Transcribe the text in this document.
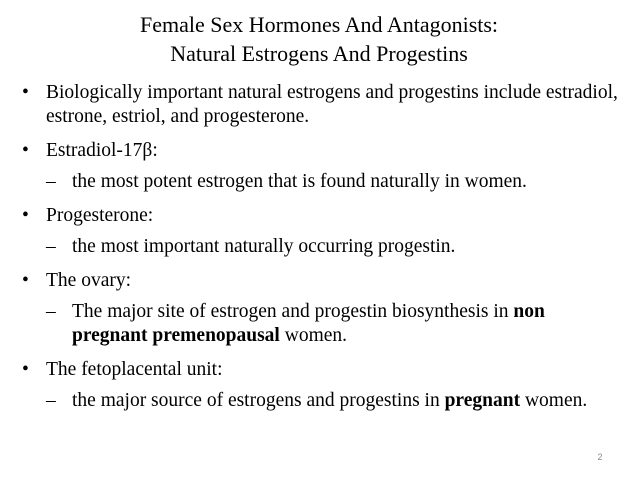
Female Sex Hormones And Antagonists:
Natural Estrogens And Progestins
• Biologically important natural estrogens and progestins include estradiol, estrone, estriol, and progesterone.
• Estradiol-17β:
– the most potent estrogen that is found naturally in women.
• Progesterone:
– the most important naturally occurring progestin.
• The ovary:
– The major site of estrogen and progestin biosynthesis in non pregnant premenopausal women.
• The fetoplacental unit:
– the major source of estrogens and progestins in pregnant women.
2
